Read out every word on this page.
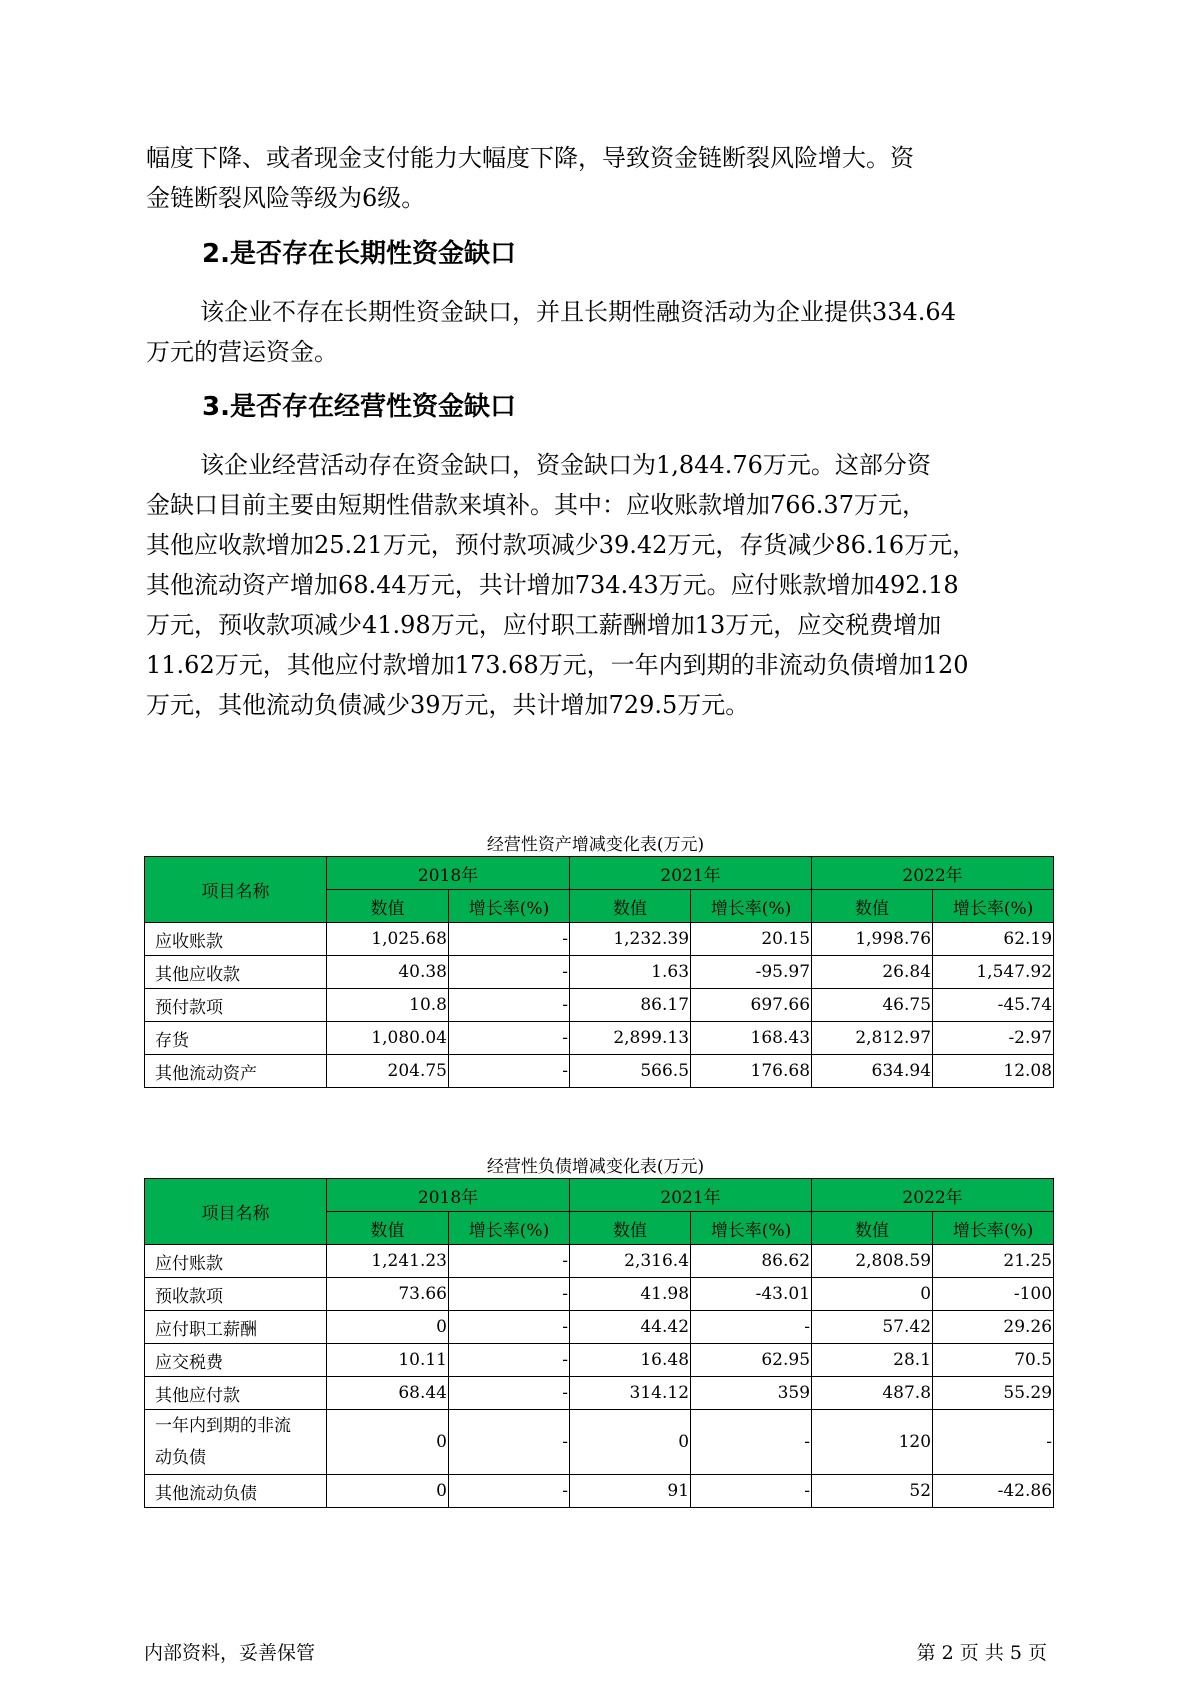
幅度下降、或者现金支付能力大幅度下降，导致资金链断裂风险增大。资
金链断裂风险等级为6级。
2.是否存在长期性资金缺口
该企业不存在长期性资金缺口，并且长期性融资活动为企业提供334.64
万元的营运资金。
3.是否存在经营性资金缺口
该企业经营活动存在资金缺口，资金缺口为1,844.76万元。这部分资
金缺口目前主要由短期性借款来填补。其中：应收账款增加766.37万元，
其他应收款增加25.21万元，预付款项减少39.42万元，存货减少86.16万元，
其他流动资产增加68.44万元，共计增加734.43万元。应付账款增加492.18
万元，预收款项减少41.98万元，应付职工薪酬增加13万元，应交税费增加
11.62万元，其他应付款增加173.68万元，一年内到期的非流动负债增加120
万元，其他流动负债减少39万元，共计增加729.5万元。
经营性资产增减变化表(万元)
项目名称	2018年		2021年		2022年	
	数值	增长率(%)	数值	增长率(%)	数值	增长率(%)
应收账款	1,025.68	-	1,232.39	20.15	1,998.76	62.19
其他应收款	40.38	-	1.63	-95.97	26.84	1,547.92
预付款项	10.8	-	86.17	697.66	46.75	-45.74
存货	1,080.04	-	2,899.13	168.43	2,812.97	-2.97
其他流动资产	204.75	-	566.5	176.68	634.94	12.08
经营性负债增减变化表(万元)
项目名称	2018年		2021年		2022年	
	数值	增长率(%)	数值	增长率(%)	数值	增长率(%)
应付账款	1,241.23	-	2,316.4	86.62	2,808.59	21.25
预收款项	73.66	-	41.98	-43.01	0	-100
应付职工薪酬	0	-	44.42	-	57.42	29.26
应交税费	10.11	-	16.48	62.95	28.1	70.5
其他应付款	68.44	-	314.12	359	487.8	55.29

一年内到期的非流
动负债	0	-	0	-	120	-
其他流动负债	0	-	91	-	52	-42.86
内部资料，妥善保管	第 2 页 共 5 页
